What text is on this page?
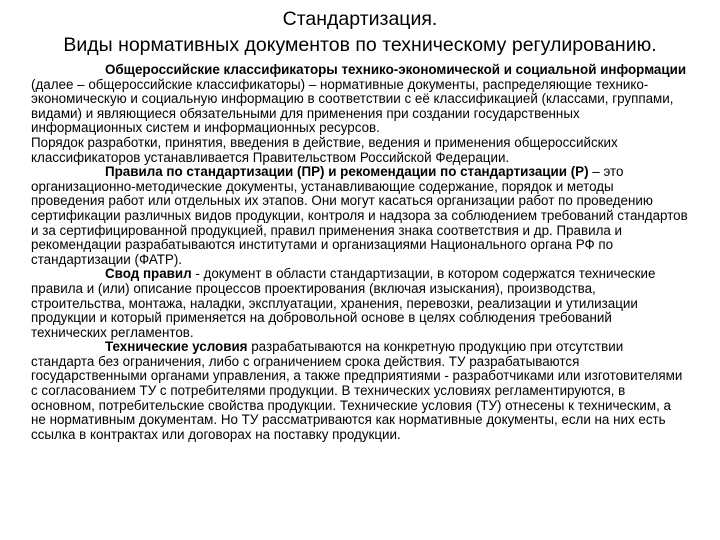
Стандартизация.
Виды нормативных документов по техническому регулированию.

Общероссийские классификаторы технико-экономической и социальной информации (далее – общероссийские классификаторы) – нормативные документы, распределяющие технико-экономическую и социальную информацию в соответствии с её классификацией (классами, группами, видами) и являющиеся обязательными для применения при создании государственных информационных систем и информационных ресурсов.

Порядок разработки, принятия, введения в действие, ведения и применения общероссийских классификаторов устанавливается Правительством Российской Федерации.

Правила по стандартизации (ПР) и рекомендации по стандартизации (Р) – это организационно-методические документы, устанавливающие содержание, порядок и методы проведения работ или отдельных их этапов. Они могут касаться организации работ по проведению сертификации различных видов продукции, контроля и надзора за соблюдением требований стандартов и за сертифицированной продукцией, правил применения знака соответствия и др. Правила и рекомендации разрабатываются институтами и организациями Национального органа РФ по стандартизации (ФАТР).

Свод правил - документ в области стандартизации, в котором содержатся технические правила и (или) описание процессов проектирования (включая изыскания), производства, строительства, монтажа, наладки, эксплуатации, хранения, перевозки, реализации и утилизации продукции и который применяется на добровольной основе в целях соблюдения требований технических регламентов.

Технические условия разрабатываются на конкретную продукцию при отсутствии стандарта без ограничения, либо с ограничением срока действия. ТУ разрабатываются государственными органами управления, а также предприятиями - разработчиками или изготовителями с согласованием ТУ с потребителями продукции. В технических условиях регламентируются, в основном, потребительские свойства продукции. Технические условия (ТУ) отнесены к техническим, а не нормативным документам. Но ТУ рассматриваются как нормативные документы, если на них есть ссылка в контрактах или договорах на поставку продукции.
